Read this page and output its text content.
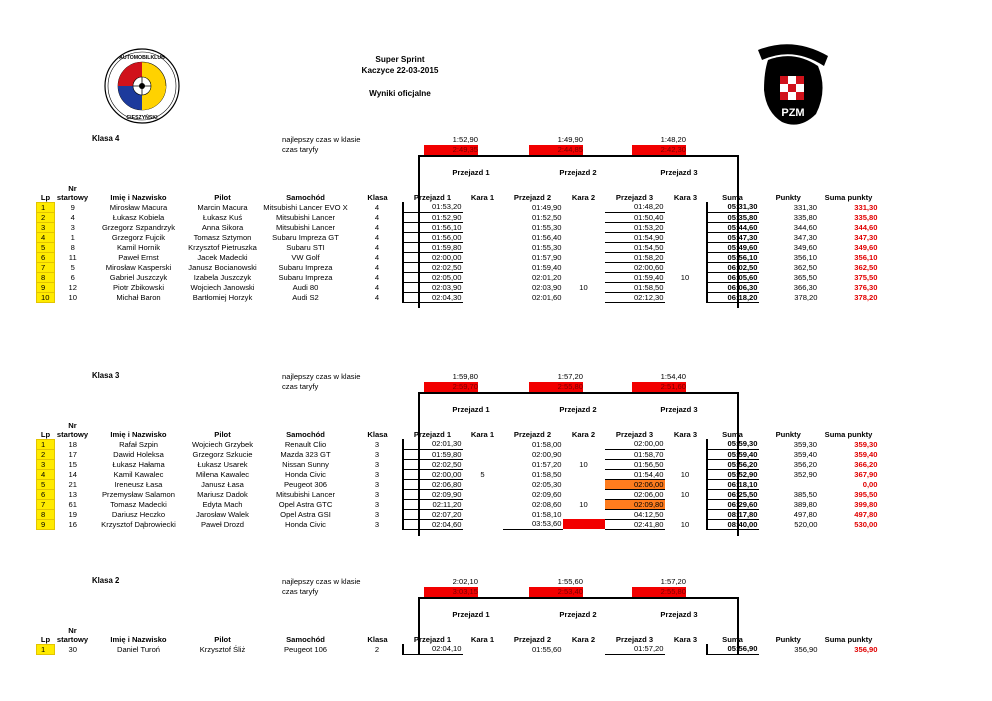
Super Sprint
Kaczyce 22-03-2015
Wyniki oficjalne
AUTOMOBILKLUB
CIESZYŃSKI	PZM
Klasa 4	najlepszy czas w klasie
czas taryfy
1:52,90
2:49,35
1:49,90
2:44,85
1:48,20
2:42,30
Przejazd 1	Przejazd 2	Przejazd 3
Lp	Nr startowy	Imię i Nazwisko	Pilot	Samochód	Klasa	Przejazd 1	Kara 1	Przejazd 2	Kara 2	Przejazd 3	Kara 3	Suma	Punkty	Suma punkty
1	9	Mirosław Macura	Marcin Macura	Mitsubishi Lancer EVO X	4	01:53,20		01:49,90		01:48,20		05:31,30	331,30	331,30
2	4	Łukasz Kobiela	Łukasz Kuś	Mitsubishi Lancer	4	01:52,90		01:52,50		01:50,40		05:35,80	335,80	335,80
3	3	Grzegorz Szpandrzyk	Anna Sikora	Mitsubishi Lancer	4	01:56,10		01:55,30		01:53,20		05:44,60	344,60	344,60
4	1	Grzegorz Fujcik	Tomasz Sztymon	Subaru Impreza GT	4	01:56,00		01:56,40		01:54,90		05:47,30	347,30	347,30
5	8	Kamil Hornik	Krzysztof Pietruszka	Subaru STI	4	01:59,80		01:55,30		01:54,50		05:49,60	349,60	349,60
6	11	Paweł Ernst	Jacek Madecki	VW Golf	4	02:00,00		01:57,90		01:58,20		05:56,10	356,10	356,10
7	5	Mirosław Kasperski	Janusz Bocianowski	Subaru Impreza	4	02:02,50		01:59,40		02:00,60		06:02,50	362,50	362,50
8	6	Gabriel Juszczyk	Izabela Juszczyk	Subaru Impreza	4	02:05,00		02:01,20		01:59,40	10	06:05,60	365,50	375,50
9	12	Piotr Zbikowski	Wojciech Janowski	Audi 80	4	02:03,90		02:03,90	10	01:58,50		06:06,30	366,30	376,30
10	10	Michał Baron	Bartłomiej Horzyk	Audi S2	4	02:04,30		02:01,60		02:12,30		06:18,20	378,20	378,20
Klasa 3	najlepszy czas w klasie
czas taryfy
1:59,80
2:59,70
1:57,20
2:55,80
1:54,40
2:51,60
Przejazd 1	Przejazd 2	Przejazd 3
Lp	Nr startowy	Imię i Nazwisko	Pilot	Samochód	Klasa	Przejazd 1	Kara 1	Przejazd 2	Kara 2	Przejazd 3	Kara 3	Suma	Punkty	Suma punkty
1	18	Rafał Szpin	Wojciech Grzybek	Renault Clio	3	02:01,30		01:58,00		02:00,00		05:59,30	359,30	359,30
2	17	Dawid Holeksa	Grzegorz Szkucie	Mazda 323 GT	3	01:59,80		02:00,90		01:58,70		05:59,40	359,40	359,40
3	15	Łukasz Hałama	Łukasz Usarek	Nissan Sunny	3	02:02,50		01:57,20	10	01:56,50		05:56,20	356,20	366,20
4	14	Kamil Kawalec	Milena Kawalec	Honda Civic	3	02:00,00	5	01:58,50		01:54,40	10	05:52,90	352,90	367,90
5	21	Ireneusz Łasa	Janusz Łasa	Peugeot 306	3	02:06,80		02:05,30		02:06,00		06:18,10		0,00
6	13	Przemysław Salamon	Mariusz Dadok	Mitsubishi Lancer	3	02:09,90		02:09,60		02:06,00	10	06:25,50	385,50	395,50
7	61	Tomasz Madecki	Edyta Mach	Opel Astra GTC	3	02:11,20		02:08,60	10	02:09,80		06:29,60	389,80	399,80
8	19	Dariusz Heczko	Jarosław Walek	Opel Astra GSI	3	02:07,20		01:58,10		04:12,50		08:17,80	497,80	497,80
9	16	Krzysztof Dąbrowiecki	Paweł Drozd	Honda Civic	3	02:04,60		03:53,60		02:41,80	10	08:40,00	520,00	530,00
Klasa 2	najlepszy czas w klasie
czas taryfy
2:02,10
3:03,15
1:55,60
2:53,40
1:57,20
2:55,80
Przejazd 1	Przejazd 2	Przejazd 3
Lp	Nr startowy	Imię i Nazwisko	Pilot	Samochód	Klasa	Przejazd 1	Kara 1	Przejazd 2	Kara 2	Przejazd 3	Kara 3	Suma	Punkty	Suma punkty
1	30	Daniel Turoń	Krzysztof Śliż	Peugeot 106	2	02:04,10		01:55,60		01:57,20		05:56,90	356,90	356,90
